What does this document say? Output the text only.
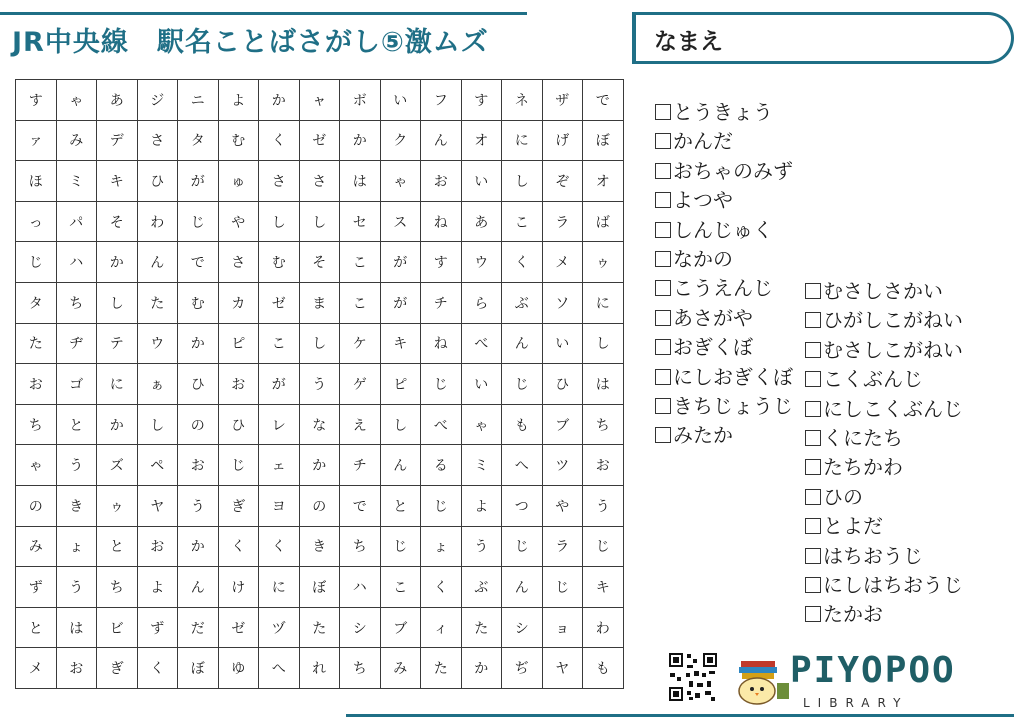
JR中央線　駅名ことばさがし⑤激ムズ	なまえ
す	ゃ	あ	ジ	ニ	よ	か	ャ	ボ	い	フ	す	ネ	ザ	で
ァ	み	デ	さ	タ	む	く	ゼ	か	ク	ん	オ	に	げ	ぼ
ほ	ミ	キ	ひ	が	ゅ	さ	さ	は	ゃ	お	い	し	ぞ	オ
っ	パ	そ	わ	じ	や	し	し	セ	ス	ね	あ	こ	ラ	ば
じ	ハ	か	ん	で	さ	む	そ	こ	が	す	ウ	く	メ	ゥ
タ	ち	し	た	む	カ	ゼ	ま	こ	が	チ	ら	ぶ	ソ	に
た	ヂ	テ	ウ	か	ピ	こ	し	ケ	キ	ね	べ	ん	い	し
お	ゴ	に	ぁ	ひ	お	が	う	ゲ	ピ	じ	い	じ	ひ	は
ち	と	か	し	の	ひ	レ	な	え	し	べ	ゃ	も	ブ	ち
ゃ	う	ズ	ペ	お	じ	ェ	か	チ	ん	る	ミ	へ	ツ	お
の	き	ゥ	ヤ	う	ぎ	ヨ	の	で	と	じ	よ	つ	や	う
み	ょ	と	お	か	く	く	き	ち	じ	ょ	う	じ	ラ	じ
ず	う	ち	よ	ん	け	に	ぼ	ハ	こ	く	ぶ	ん	じ	キ
と	は	ビ	ず	だ	ゼ	ヅ	た	シ	ブ	ィ	た	シ	ョ	わ
メ	お	ぎ	く	ぼ	ゆ	へ	れ	ち	み	た	か	ぢ	ヤ	も
とうきょう
かんだ
おちゃのみず
よつや
しんじゅく
なかの
こうえんじ
あさがや
おぎくぼ
にしおぎくぼ
きちじょうじ
みたか
むさしさかい
ひがしこがねい
むさしこがねい
こくぶんじ
にしこくぶんじ
くにたち
たちかわ
ひの
とよだ
はちおうじ
にしはちおうじ
たかお
PIYOPOO
LIBRARY
